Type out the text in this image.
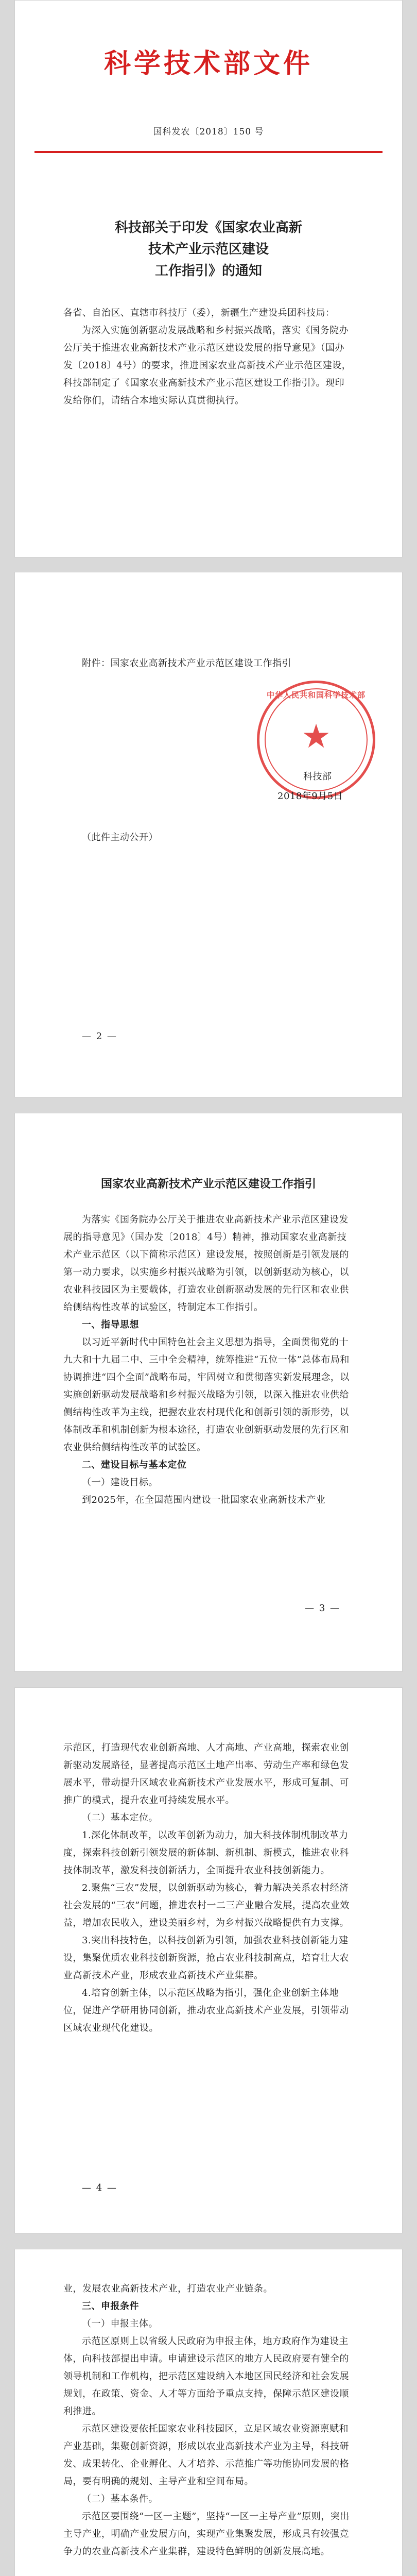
科学技术部文件
国科发农〔2018〕150 号
科技部关于印发《国家农业高新
技术产业示范区建设
工作指引》的通知

各省、自治区、直辖市科技厅（委），新疆生产建设兵团科技局：

为深入实施创新驱动发展战略和乡村振兴战略，落实《国务院办公厅关于推进农业高新技术产业示范区建设发展的指导意见》（国办发〔2018〕4号）的要求，推进国家农业高新技术产业示范区建设，科技部制定了《国家农业高新技术产业示范区建设工作指引》。现印发给你们，请结合本地实际认真贯彻执行。

附件：国家农业高新技术产业示范区建设工作指引

中华人民共和国科学技术部
★
科技部
2018年9月5日
（此件主动公开）
— 2 —
国家农业高新技术产业示范区建设工作指引

为落实《国务院办公厅关于推进农业高新技术产业示范区建设发展的指导意见》（国办发〔2018〕4号）精神，推动国家农业高新技术产业示范区（以下简称示范区）建设发展，按照创新是引领发展的第一动力要求，以实施乡村振兴战略为引领，以创新驱动为核心，以农业科技园区为主要载体，打造农业创新驱动发展的先行区和农业供给侧结构性改革的试验区，特制定本工作指引。

一、指导思想

以习近平新时代中国特色社会主义思想为指导，全面贯彻党的十九大和十九届二中、三中全会精神，统筹推进“五位一体”总体布局和协调推进“四个全面”战略布局，牢固树立和贯彻落实新发展理念，以实施创新驱动发展战略和乡村振兴战略为引领，以深入推进农业供给侧结构性改革为主线，把握农业农村现代化和创新引领的新形势，以体制改革和机制创新为根本途径，打造农业创新驱动发展的先行区和农业供给侧结构性改革的试验区。

二、建设目标与基本定位

（一）建设目标。

到2025年，在全国范围内建设一批国家农业高新技术产业

— 3 —

示范区，打造现代农业创新高地、人才高地、产业高地，探索农业创新驱动发展路径，显著提高示范区土地产出率、劳动生产率和绿色发展水平，带动提升区域农业高新技术产业发展水平，形成可复制、可推广的模式，提升农业可持续发展水平。

（二）基本定位。

1.深化体制改革，以改革创新为动力，加大科技体制机制改革力度，探索科技创新引领发展的新体制、新机制、新模式，推进农业科技体制改革，激发科技创新活力，全面提升农业科技创新能力。

2.聚焦“三农”发展，以创新驱动为核心，着力解决关系农村经济社会发展的“三农”问题，推进农村一二三产业融合发展，提高农业效益，增加农民收入，建设美丽乡村，为乡村振兴战略提供有力支撑。

3.突出科技特色，以科技创新为引领，加强农业科技创新能力建设，集聚优质农业科技创新资源，抢占农业科技制高点，培育壮大农业高新技术产业，形成农业高新技术产业集群。

4.培育创新主体，以示范区战略为指引，强化企业创新主体地位，促进产学研用协同创新，推动农业高新技术产业发展，引领带动区域农业现代化建设。

— 4 —

业，发展农业高新技术产业，打造农业产业链条。

三、申报条件

（一）申报主体。

示范区原则上以省级人民政府为申报主体，地方政府作为建设主体，向科技部提出申请。申请建设示范区的地方人民政府要有健全的领导机制和工作机构，把示范区建设纳入本地区国民经济和社会发展规划，在政策、资金、人才等方面给予重点支持，保障示范区建设顺利推进。

示范区建设要依托国家农业科技园区，立足区域农业资源禀赋和产业基础，集聚创新资源，形成以农业高新技术产业为主导，科技研发、成果转化、企业孵化、人才培养、示范推广等功能协同发展的格局，要有明确的规划、主导产业和空间布局。

（二）基本条件。

示范区要围绕“一区一主题”，坚持“一区一主导产业”原则，突出主导产业，明确产业发展方向，实现产业集聚发展，形成具有较强竞争力的农业高新技术产业集群，建设特色鲜明的创新发展高地。
